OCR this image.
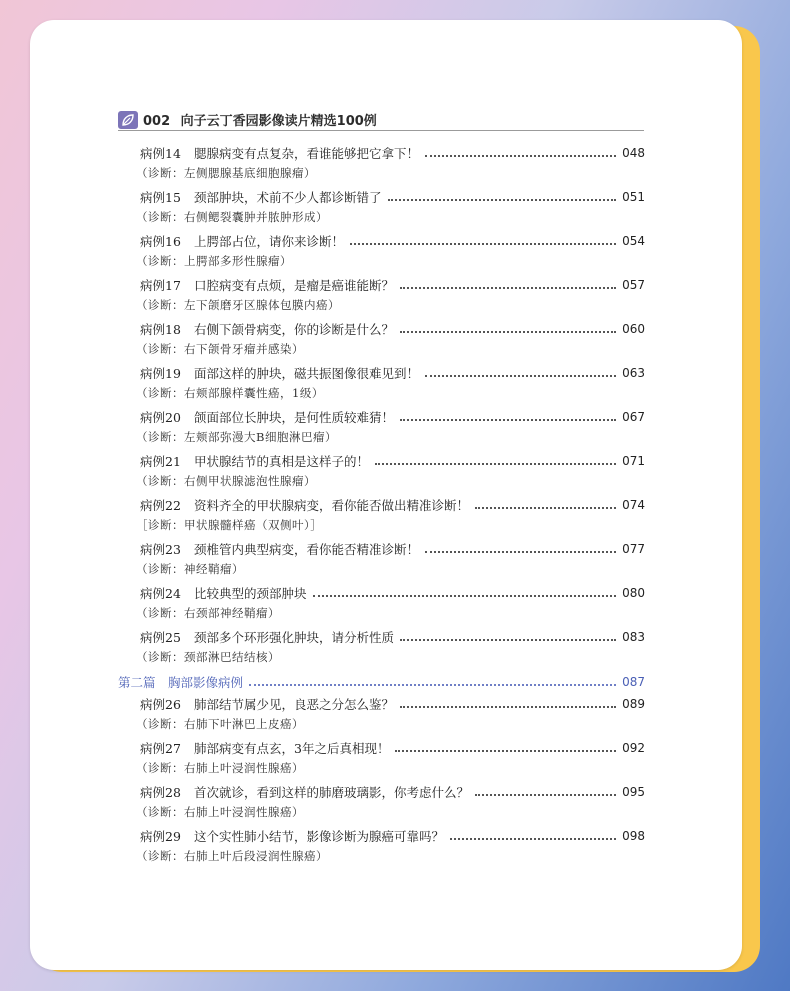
002 向子云丁香园影像读片精选100例
病例14	腮腺病变有点复杂，看谁能够把它拿下！	048
（诊断：左侧腮腺基底细胞腺瘤）
病例15	颈部肿块，术前不少人都诊断错了	051
（诊断：右侧鳃裂囊肿并脓肿形成）
病例16	上腭部占位，请你来诊断！	054
（诊断：上腭部多形性腺瘤）
病例17	口腔病变有点烦，是瘤是癌谁能断？	057
（诊断：左下颌磨牙区腺体包膜内癌）
病例18	右侧下颌骨病变，你的诊断是什么？	060
（诊断：右下颌骨牙瘤并感染）
病例19	面部这样的肿块，磁共振图像很难见到！	063
（诊断：右颊部腺样囊性癌，1级）
病例20	颌面部位长肿块，是何性质较难猜！	067
（诊断：左颊部弥漫大B细胞淋巴瘤）
病例21	甲状腺结节的真相是这样子的！	071
（诊断：右侧甲状腺滤泡性腺瘤）
病例22	资料齐全的甲状腺病变，看你能否做出精准诊断！	074
［诊断：甲状腺髓样癌（双侧叶）］
病例23	颈椎管内典型病变，看你能否精准诊断！	077
（诊断：神经鞘瘤）
病例24	比较典型的颈部肿块	080
（诊断：右颈部神经鞘瘤）
病例25	颈部多个环形强化肿块，请分析性质	083
（诊断：颈部淋巴结结核）
第二篇　胸部影像病例	087
病例26	肺部结节属少见，良恶之分怎么鉴？	089
（诊断：右肺下叶淋巴上皮癌）
病例27	肺部病变有点玄，3年之后真相现！	092
（诊断：右肺上叶浸润性腺癌）
病例28	首次就诊，看到这样的肺磨玻璃影，你考虑什么？	095
（诊断：右肺上叶浸润性腺癌）
病例29	这个实性肺小结节，影像诊断为腺癌可靠吗？	098
（诊断：右肺上叶后段浸润性腺癌）
